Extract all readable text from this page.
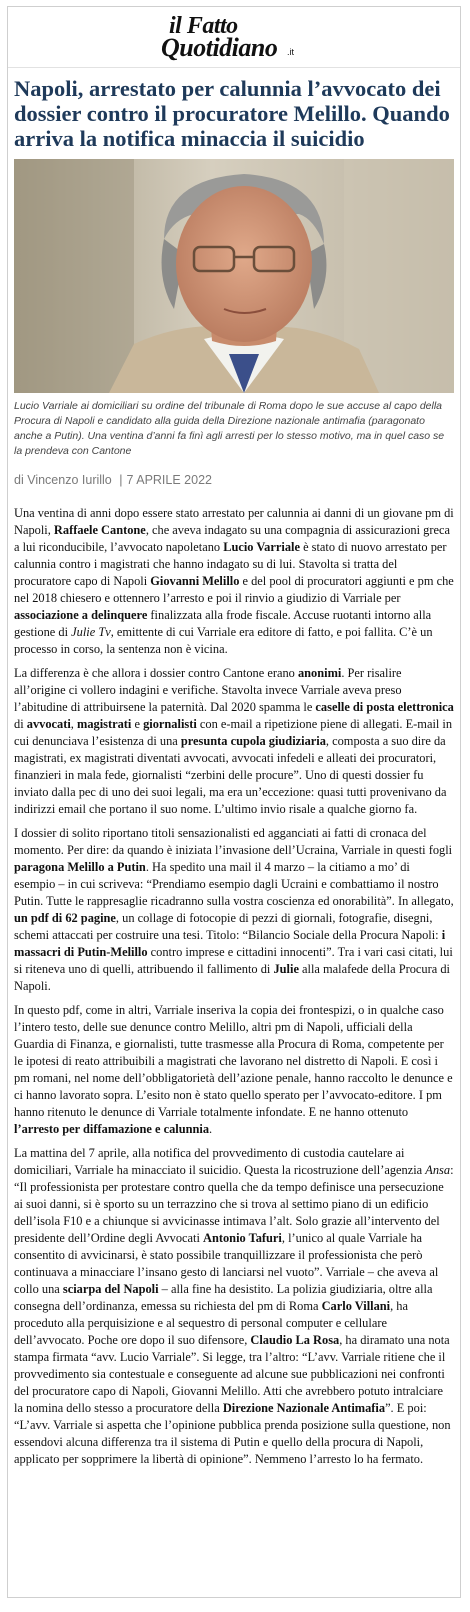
il Fatto
Quotidiano .it
Napoli, arrestato per calunnia l’avvocato dei dossier contro il procuratore Melillo. Quando arriva la notifica minaccia il suicidio

Lucio Varriale ai domiciliari su ordine del tribunale di Roma dopo le sue accuse al capo della Procura di Napoli e candidato alla guida della Direzione nazionale antimafia (paragonato anche a Putin). Una ventina d’anni fa finì agli arresti per lo stesso motivo, ma in quel caso se la prendeva con Cantone

di Vincenzo Iurillo | 7 APRILE 2022

Una ventina di anni dopo essere stato arrestato per calunnia ai danni di un giovane pm di Napoli, Raffaele Cantone, che aveva indagato su una compagnia di assicurazioni greca a lui riconducibile, l’avvocato napoletano Lucio Varriale è stato di nuovo arrestato per calunnia contro i magistrati che hanno indagato su di lui. Stavolta si tratta del procuratore capo di Napoli Giovanni Melillo e del pool di procuratori aggiunti e pm che nel 2018 chiesero e ottennero l’arresto e poi il rinvio a giudizio di Varriale per associazione a delinquere finalizzata alla frode fiscale. Accuse ruotanti intorno alla gestione di Julie Tv, emittente di cui Varriale era editore di fatto, e poi fallita. C’è un processo in corso, la sentenza non è vicina.

La differenza è che allora i dossier contro Cantone erano anonimi. Per risalire all’origine ci vollero indagini e verifiche. Stavolta invece Varriale aveva preso l’abitudine di attribuirsene la paternità. Dal 2020 spamma le caselle di posta elettronica di avvocati, magistrati e giornalisti con e-mail a ripetizione piene di allegati. E-mail in cui denunciava l’esistenza di una presunta cupola giudiziaria, composta a suo dire da magistrati, ex magistrati diventati avvocati, avvocati infedeli e alleati dei procuratori, finanzieri in mala fede, giornalisti “zerbini delle procure”. Uno di questi dossier fu inviato dalla pec di uno dei suoi legali, ma era un’eccezione: quasi tutti provenivano da indirizzi email che portano il suo nome. L’ultimo invio risale a qualche giorno fa.

I dossier di solito riportano titoli sensazionalisti ed agganciati ai fatti di cronaca del momento. Per dire: da quando è iniziata l’invasione dell’Ucraina, Varriale in questi fogli paragona Melillo a Putin. Ha spedito una mail il 4 marzo – la citiamo a mo’ di esempio – in cui scriveva: “Prendiamo esempio dagli Ucraini e combattiamo il nostro Putin. Tutte le rappresaglie ricadranno sulla vostra coscienza ed onorabilità”. In allegato, un pdf di 62 pagine, un collage di fotocopie di pezzi di giornali, fotografie, disegni, schemi attaccati per costruire una tesi. Titolo: “Bilancio Sociale della Procura Napoli: i massacri di Putin-Melillo contro imprese e cittadini innocenti”. Tra i vari casi citati, lui si riteneva uno di quelli, attribuendo il fallimento di Julie alla malafede della Procura di Napoli.

In questo pdf, come in altri, Varriale inseriva la copia dei frontespizi, o in qualche caso l’intero testo, delle sue denunce contro Melillo, altri pm di Napoli, ufficiali della Guardia di Finanza, e giornalisti, tutte trasmesse alla Procura di Roma, competente per le ipotesi di reato attribuibili a magistrati che lavorano nel distretto di Napoli. E così i pm romani, nel nome dell’obbligatorietà dell’azione penale, hanno raccolto le denunce e ci hanno lavorato sopra. L’esito non è stato quello sperato per l’avvocato-editore. I pm hanno ritenuto le denunce di Varriale totalmente infondate. E ne hanno ottenuto l’arresto per diffamazione e calunnia.

La mattina del 7 aprile, alla notifica del provvedimento di custodia cautelare ai domiciliari, Varriale ha minacciato il suicidio. Questa la ricostruzione dell’agenzia Ansa: “Il professionista per protestare contro quella che da tempo definisce una persecuzione ai suoi danni, si è sporto su un terrazzino che si trova al settimo piano di un edificio dell’isola F10 e a chiunque si avvicinasse intimava l’alt. Solo grazie all’intervento del presidente dell’Ordine degli Avvocati Antonio Tafuri, l’unico al quale Varriale ha consentito di avvicinarsi, è stato possibile tranquillizzare il professionista che però continuava a minacciare l’insano gesto di lanciarsi nel vuoto”. Varriale – che aveva al collo una sciarpa del Napoli – alla fine ha desistito. La polizia giudiziaria, oltre alla consegna dell’ordinanza, emessa su richiesta del pm di Roma Carlo Villani, ha proceduto alla perquisizione e al sequestro di personal computer e cellulare dell’avvocato. Poche ore dopo il suo difensore, Claudio La Rosa, ha diramato una nota stampa firmata “avv. Lucio Varriale”. Si legge, tra l’altro: “L’avv. Varriale ritiene che il provvedimento sia contestuale e conseguente ad alcune sue pubblicazioni nei confronti del procuratore capo di Napoli, Giovanni Melillo. Atti che avrebbero potuto intralciare la nomina dello stesso a procuratore della Direzione Nazionale Antimafia”. E poi: “L’avv. Varriale si aspetta che l’opinione pubblica prenda posizione sulla questione, non essendovi alcuna differenza tra il sistema di Putin e quello della procura di Napoli, applicato per sopprimere la libertà di opinione”. Nemmeno l’arresto lo ha fermato.
